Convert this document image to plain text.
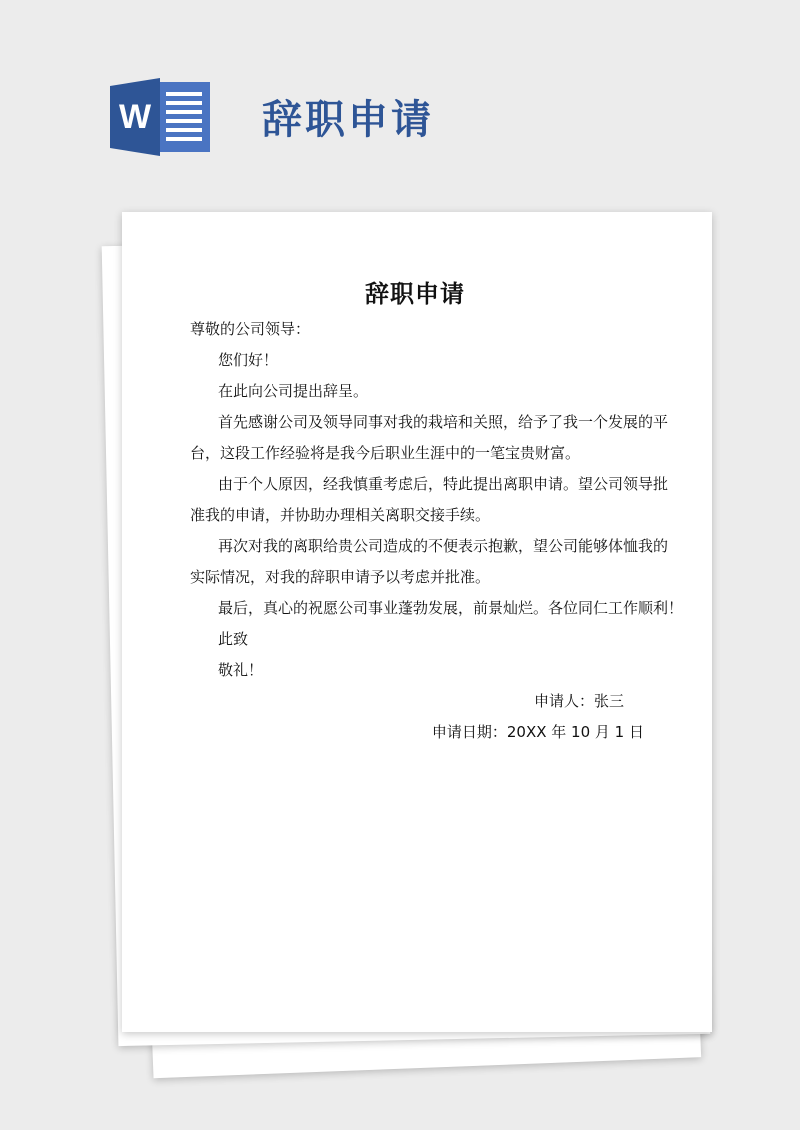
W	辞职申请
辞职申请
尊敬的公司领导：
您们好！
在此向公司提出辞呈。
首先感谢公司及领导同事对我的栽培和关照，给予了我一个发展的平
台，这段工作经验将是我今后职业生涯中的一笔宝贵财富。
由于个人原因，经我慎重考虑后，特此提出离职申请。望公司领导批
准我的申请，并协助办理相关离职交接手续。
再次对我的离职给贵公司造成的不便表示抱歉，望公司能够体恤我的
实际情况，对我的辞职申请予以考虑并批准。
最后，真心的祝愿公司事业蓬勃发展，前景灿烂。各位同仁工作顺利！
此致
敬礼！
申请人：张三
申请日期：20XX 年 10 月 1 日
